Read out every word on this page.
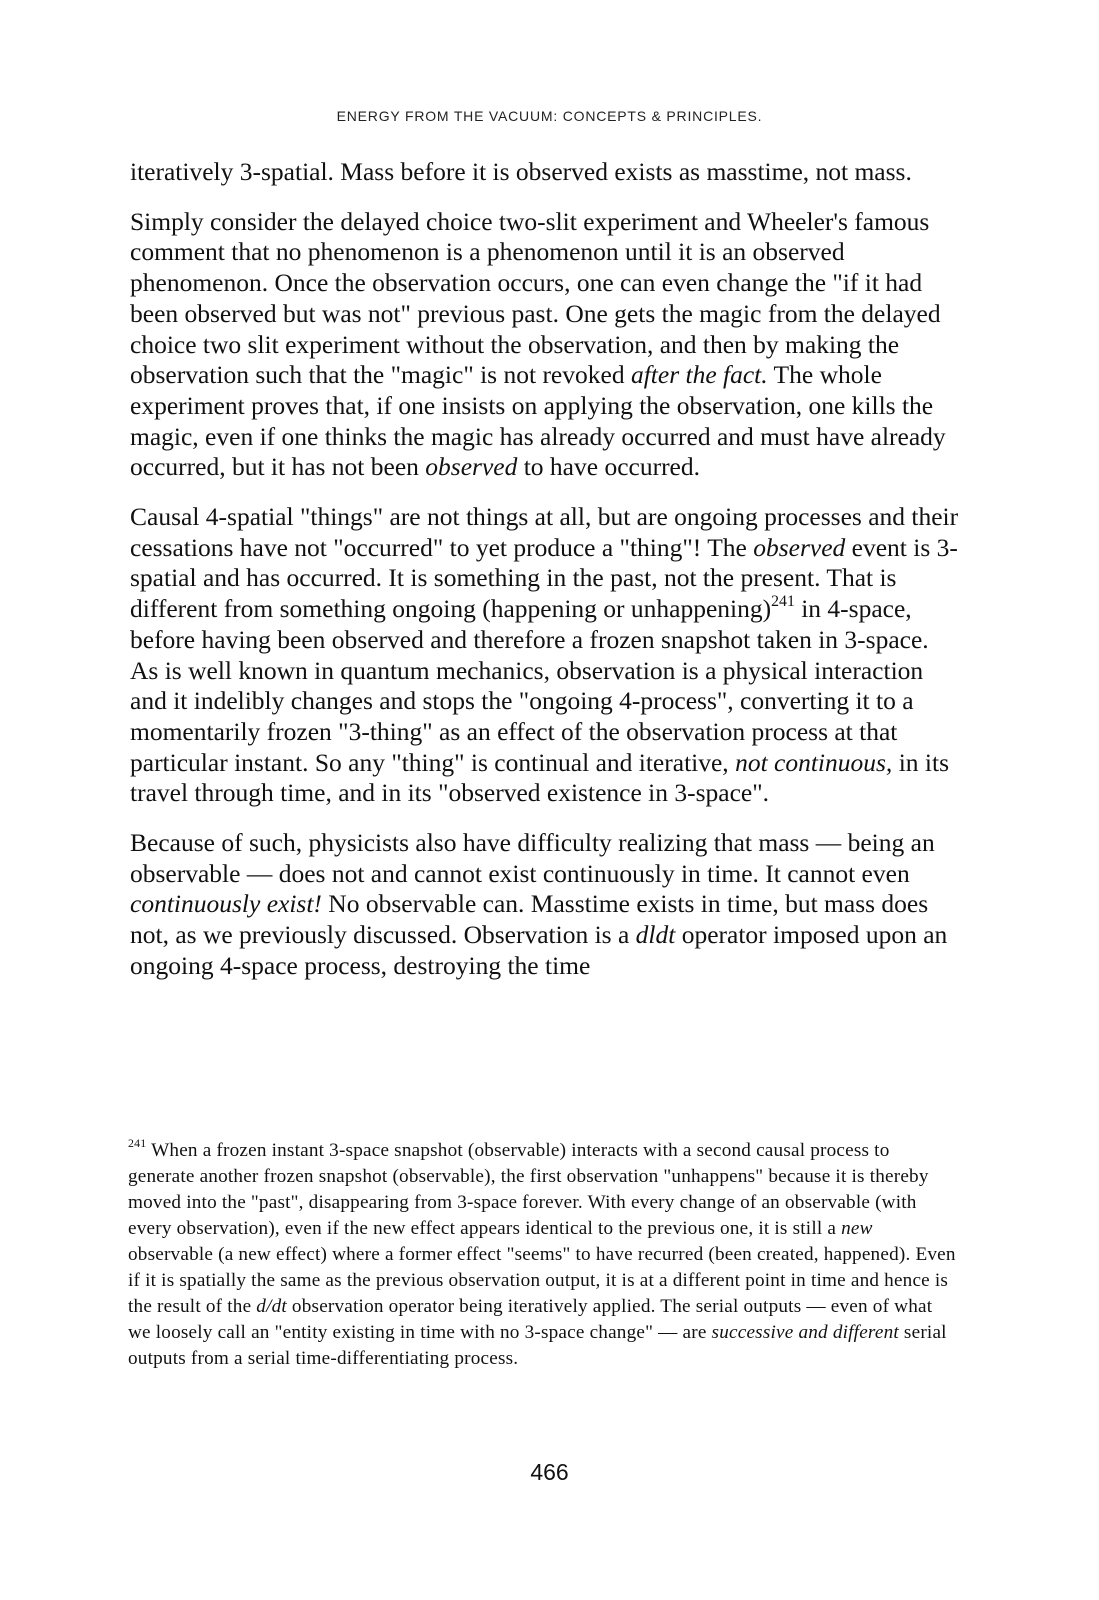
ENERGY FROM THE VACUUM: CONCEPTS & PRINCIPLES.

iteratively 3-spatial. Mass before it is observed exists as masstime, not mass.

Simply consider the delayed choice two-slit experiment and Wheeler's famous comment that no phenomenon is a phenomenon until it is an observed phenomenon. Once the observation occurs, one can even change the "if it had been observed but was not" previous past. One gets the magic from the delayed choice two slit experiment without the observation, and then by making the observation such that the "magic" is not revoked after the fact. The whole experiment proves that, if one insists on applying the observation, one kills the magic, even if one thinks the magic has already occurred and must have already occurred, but it has not been observed to have occurred.

Causal 4-spatial "things" are not things at all, but are ongoing processes and their cessations have not "occurred" to yet produce a "thing"! The observed event is 3-spatial and has occurred. It is something in the past, not the present. That is different from something ongoing (happening or unhappening)$^{241}$ in 4-space, before having been observed and therefore a frozen snapshot taken in 3-space. As is well known in quantum mechanics, observation is a physical interaction and it indelibly changes and stops the "ongoing 4-process", converting it to a momentarily frozen "3-thing" as an effect of the observation process at that particular instant. So any "thing" is continual and iterative, not continuous, in its travel through time, and in its "observed existence in 3-space".

Because of such, physicists also have difficulty realizing that mass — being an observable — does not and cannot exist continuously in time. It cannot even continuously exist! No observable can. Masstime exists in time, but mass does not, as we previously discussed. Observation is a dldt operator imposed upon an ongoing 4-space process, destroying the time

$^{241}$ When a frozen instant 3-space snapshot (observable) interacts with a second causal process to generate another frozen snapshot (observable), the first observation "unhappens" because it is thereby moved into the "past", disappearing from 3-space forever. With every change of an observable (with every observation), even if the new effect appears identical to the previous one, it is still a new observable (a new effect) where a former effect "seems" to have recurred (been created, happened). Even if it is spatially the same as the previous observation output, it is at a different point in time and hence is the result of the d/dt observation operator being iteratively applied. The serial outputs — even of what we loosely call an "entity existing in time with no 3-space change" — are successive and different serial outputs from a serial time-differentiating process.

466
